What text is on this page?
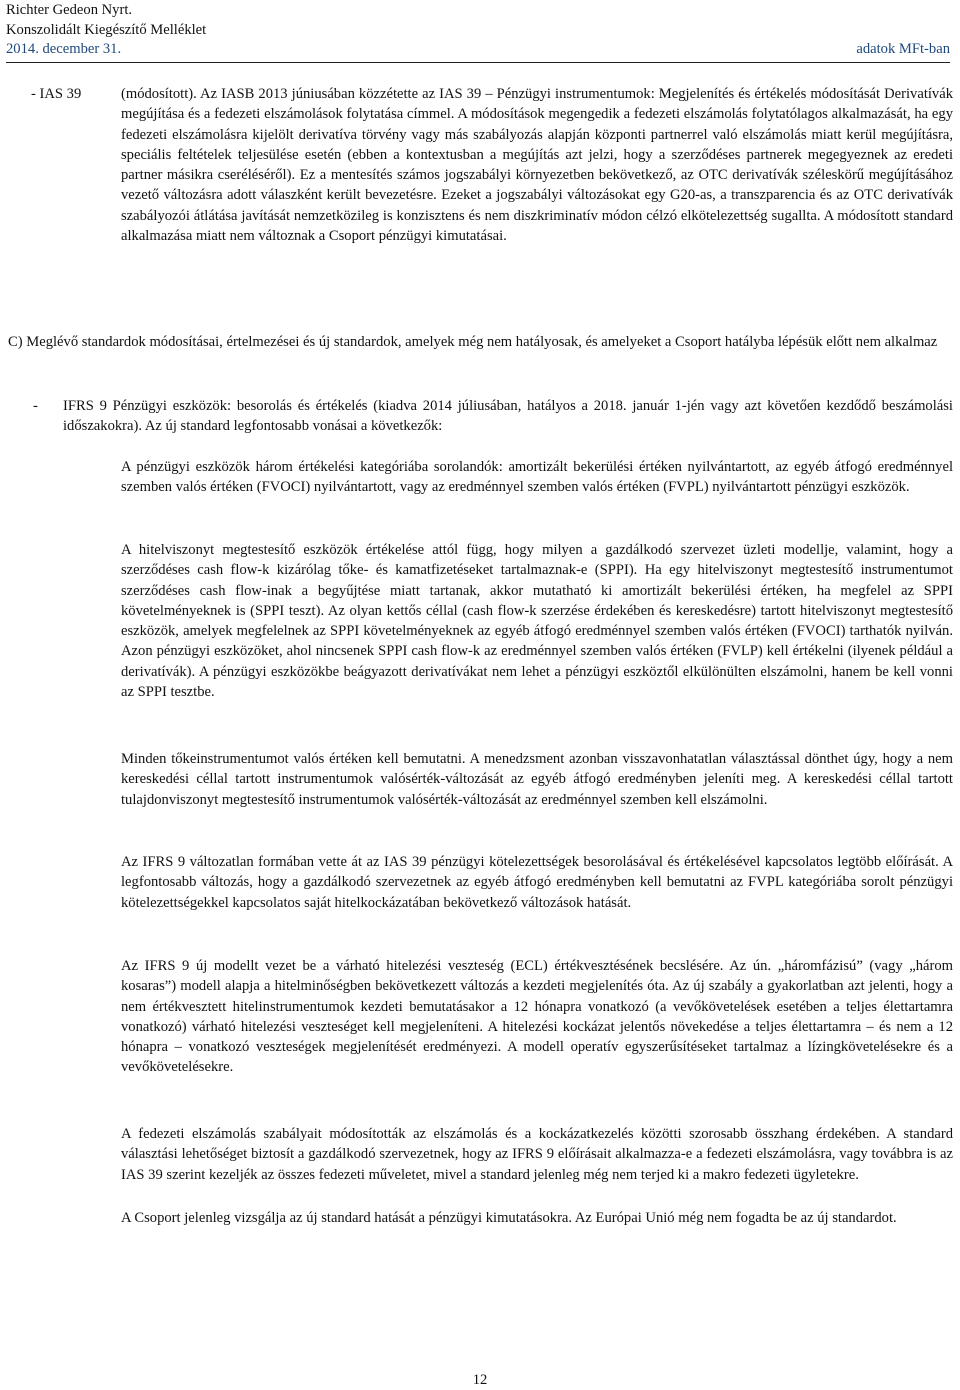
Richter Gedeon Nyrt.
Konszolidált Kiegészítő Melléklet
2014. december 31.	adatok MFt-ban
- IAS 39	(módosított). Az IASB 2013 júniusában közzétette az IAS 39 – Pénzügyi instrumentumok: Megjelenítés és értékelés módosítását Derivatívák megújítása és a fedezeti elszámolások folytatása címmel. A módosítások megengedik a fedezeti elszámolás folytatólagos alkalmazását, ha egy fedezeti elszámolásra kijelölt derivatíva törvény vagy más szabályozás alapján központi partnerrel való elszámolás miatt kerül megújításra, speciális feltételek teljesülése esetén (ebben a kontextusban a megújítás azt jelzi, hogy a szerződéses partnerek megegyeznek az eredeti partner másikra cseréléséről). Ez a mentesítés számos jogszabályi környezetben bekövetkező, az OTC derivatívák széleskörű megújításához vezető változásra adott válaszként került bevezetésre. Ezeket a jogszabályi változásokat egy G20-as, a transzparencia és az OTC derivatívák szabályozói átlátása javítását nemzetközileg is konzisztens és nem diszkriminatív módon célzó elkötelezettség sugallta. A módosított standard alkalmazása miatt nem változnak a Csoport pénzügyi kimutatásai.

C) Meglévő standardok módosításai, értelmezései és új standardok, amelyek még nem hatályosak, és amelyeket a Csoport hatályba lépésük előtt nem alkalmaz

- IFRS 9 Pénzügyi eszközök: besorolás és értékelés (kiadva 2014 júliusában, hatályos a 2018. január 1-jén vagy azt követően kezdődő beszámolási időszakokra). Az új standard legfontosabb vonásai a következők:

A pénzügyi eszközök három értékelési kategóriába sorolandók: amortizált bekerülési értéken nyilvántartott, az egyéb átfogó eredménnyel szemben valós értéken (FVOCI) nyilvántartott, vagy az eredménnyel szemben valós értéken (FVPL) nyilvántartott pénzügyi eszközök.

A hitelviszonyt megtestesítő eszközök értékelése attól függ, hogy milyen a gazdálkodó szervezet üzleti modellje, valamint, hogy a szerződéses cash flow-k kizárólag tőke- és kamatfizetéseket tartalmaznak-e (SPPI). Ha egy hitelviszonyt megtestesítő instrumentumot szerződéses cash flow-inak a begyűjtése miatt tartanak, akkor mutatható ki amortizált bekerülési értéken, ha megfelel az SPPI követelményeknek is (SPPI teszt). Az olyan kettős céllal (cash flow-k szerzése érdekében és kereskedésre) tartott hitelviszonyt megtestesítő eszközök, amelyek megfelelnek az SPPI követelményeknek az egyéb átfogó eredménnyel szemben valós értéken (FVOCI) tarthatók nyilván. Azon pénzügyi eszközöket, ahol nincsenek SPPI cash flow-k az eredménnyel szemben valós értéken (FVLP) kell értékelni (ilyenek például a derivatívák). A pénzügyi eszközökbe beágyazott derivatívákat nem lehet a pénzügyi eszköztől elkülönülten elszámolni, hanem be kell vonni az SPPI tesztbe.

Minden tőkeinstrumentumot valós értéken kell bemutatni. A menedzsment azonban visszavonhatatlan választással dönthet úgy, hogy a nem kereskedési céllal tartott instrumentumok valósérték-változását az egyéb átfogó eredményben jeleníti meg. A kereskedési céllal tartott tulajdonviszonyt megtestesítő instrumentumok valósérték-változását az eredménnyel szemben kell elszámolni.

Az IFRS 9 változatlan formában vette át az IAS 39 pénzügyi kötelezettségek besorolásával és értékelésével kapcsolatos legtöbb előírását. A legfontosabb változás, hogy a gazdálkodó szervezetnek az egyéb átfogó eredményben kell bemutatni az FVPL kategóriába sorolt pénzügyi kötelezettségekkel kapcsolatos saját hitelkockázatában bekövetkező változások hatását.

Az IFRS 9 új modellt vezet be a várható hitelezési veszteség (ECL) értékvesztésének becslésére. Az ún. „háromfázisú” (vagy „három kosaras”) modell alapja a hitelminőségben bekövetkezett változás a kezdeti megjelenítés óta. Az új szabály a gyakorlatban azt jelenti, hogy a nem értékvesztett hitelinstrumentumok kezdeti bemutatásakor a 12 hónapra vonatkozó (a vevőkövetelések esetében a teljes élettartamra vonatkozó) várható hitelezési veszteséget kell megjeleníteni. A hitelezési kockázat jelentős növekedése a teljes élettartamra – és nem a 12 hónapra – vonatkozó veszteségek megjelenítését eredményezi. A modell operatív egyszerűsítéseket tartalmaz a lízingkövetelésekre és a vevőkövetelésekre.

A fedezeti elszámolás szabályait módosították az elszámolás és a kockázatkezelés közötti szorosabb összhang érdekében. A standard választási lehetőséget biztosít a gazdálkodó szervezetnek, hogy az IFRS 9 előírásait alkalmazza-e a fedezeti elszámolásra, vagy továbbra is az IAS 39 szerint kezeljék az összes fedezeti műveletet, mivel a standard jelenleg még nem terjed ki a makro fedezeti ügyletekre.

A Csoport jelenleg vizsgálja az új standard hatását a pénzügyi kimutatásokra. Az Európai Unió még nem fogadta be az új standardot.

12
